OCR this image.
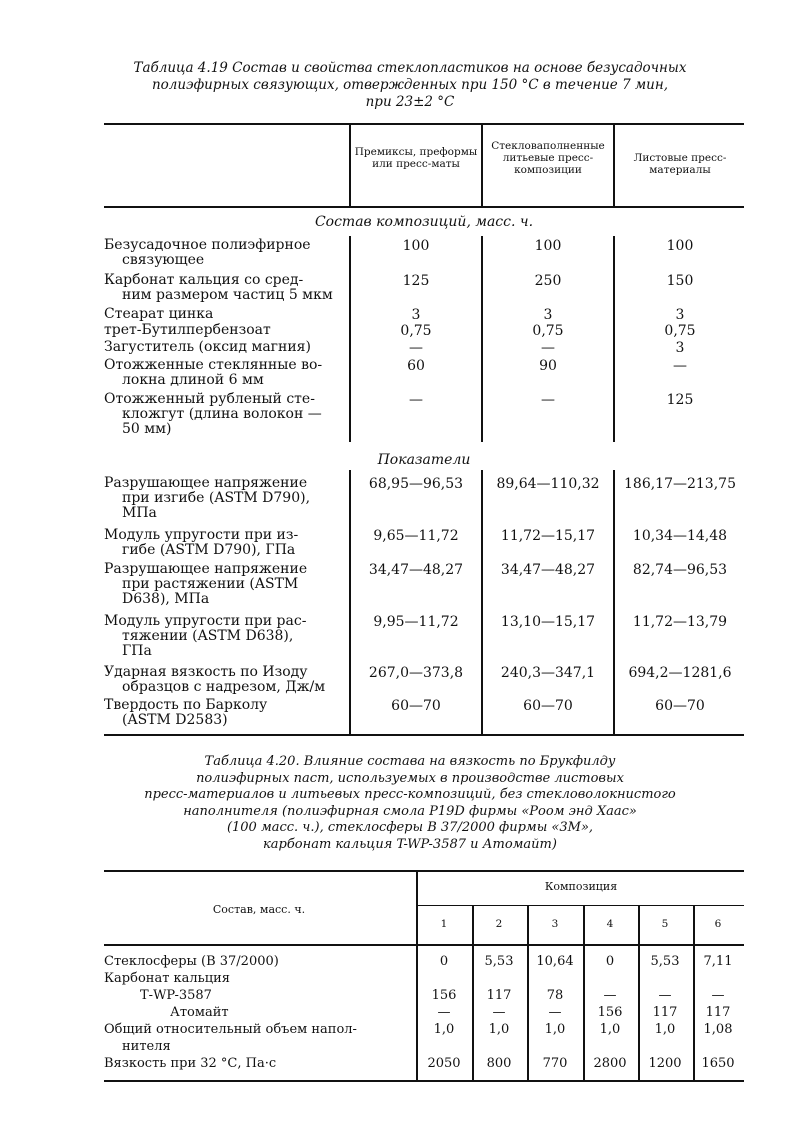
Таблица 4.19 Состав и свойства стеклопластиков на основе безусадочных
полиэфирных связующих, отвержденных при 150 °С в течение 7 мин,
при 23±2 °С
Премиксы, преформы или пресс-маты
Стекловаполненные литьевые пресс-композиции
Листовые пресс-материалы
Состав композиций, масс. ч.
Показатели
Безусадочное полиэфирное
связующее
100	100	100
Карбонат кальция со сред-
ним размером частиц 5 мкм
125	250	150
Стеарат цинка	3	3	3
трет-Бутилпербензоат	0,75	0,75	0,75
Загуститель (оксид магния)	—	—	3
Отожженные стеклянные во-
локна длиной 6 мм
60	90	—
Отожженный рубленый сте-
кложгут (длина волокон —
50 мм)
—	—	125
Разрушающее напряжение
при изгибе (ASTM D790),
МПа
68,95—96,53	89,64—110,32	186,17—213,75
Модуль упругости при из-
гибе (ASTM D790), ГПа
9,65—11,72	11,72—15,17	10,34—14,48
Разрушающее напряжение
при растяжении (ASTM
D638), МПа
34,47—48,27	34,47—48,27	82,74—96,53
Модуль упругости при рас-
тяжении (ASTM D638),
ГПа
9,95—11,72	13,10—15,17	11,72—13,79
Ударная вязкость по Изоду
образцов с надрезом, Дж/м
267,0—373,8	240,3—347,1	694,2—1281,6
Твердость по Барколу
(ASTM D2583)
60—70	60—70	60—70
Таблица 4.20. Влияние состава на вязкость по Брукфилду
полиэфирных паст, используемых в производстве листовых
пресс-материалов и литьевых пресс-композиций, без стекловолокнистого
наполнителя (полиэфирная смола P19D фирмы «Роом энд Хаас»
(100 масс. ч.), стеклосферы B 37/2000 фирмы «3M»,
карбонат кальция T-WP-3587 и Атомайт)
Состав, масс. ч.
Композиция
1	2	3	4	5	6
Стеклосферы (В 37/2000)	0	5,53	10,64	0	5,53	7,11
Карбонат кальция
Т-WP-3587	156	117	78	—	—	—
Атомайт	—	—	—	156	117	117
Общий относительный объем напол-	1,0	1,0	1,0	1,0	1,0	1,08
нителя
Вязкость при 32 °С, Па·с	2050	800	770	2800	1200	1650
